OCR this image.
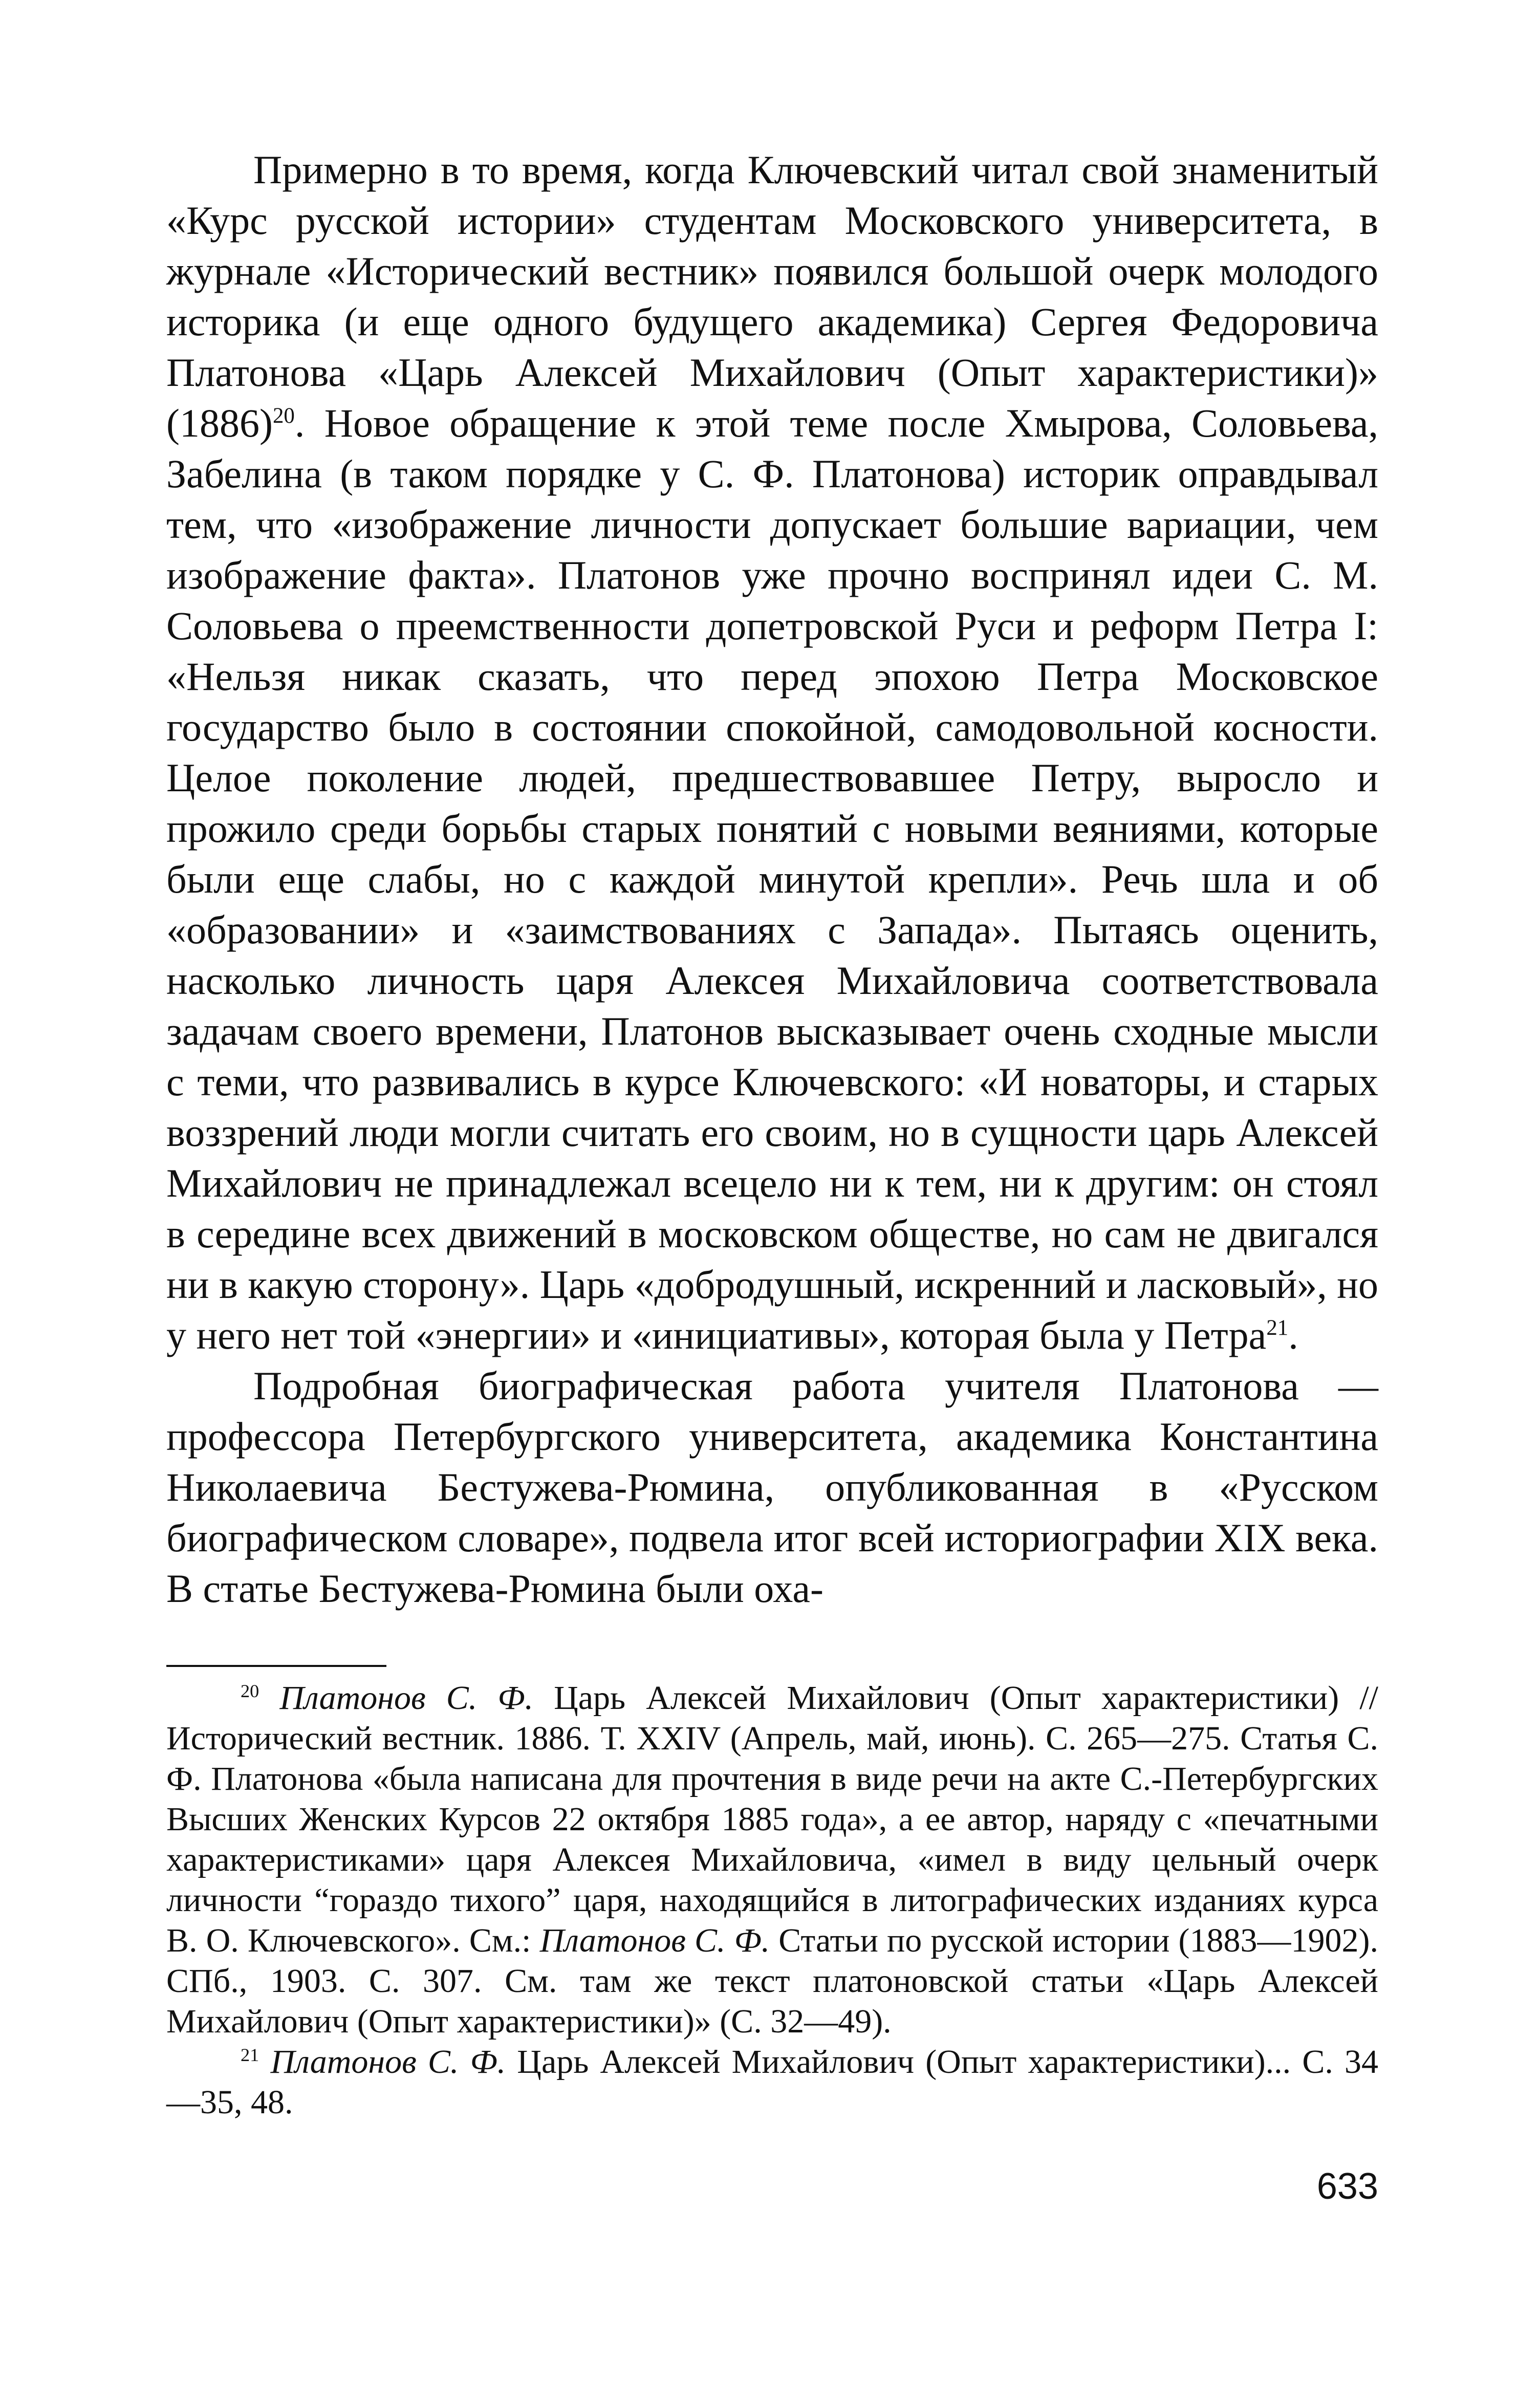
Примерно в то время, когда Ключевский читал свой знаменитый «Курс русской истории» студентам Московского университета, в журнале «Исторический вестник» появился большой очерк молодого историка (и еще одного будущего академика) Сергея Федоровича Платонова «Царь Алексей Михайлович (Опыт характеристики)» $(1886)^{20}$. Новое обращение к этой теме после Хмырова, Соловьева, Забелина (в таком порядке у С. Ф. Платонова) историк оправдывал тем, что «изображение личности допускает большие вариации, чем изображение факта». Платонов уже прочно воспринял идеи С. М. Соловьева о преемственности допетровской Руси и реформ Петра I: «Нельзя никак сказать, что перед эпохою Петра Московское государство было в состоянии спокойной, самодовольной косности. Целое поколение людей, предшествовавшее Петру, выросло и прожило среди борьбы старых понятий с новыми веяниями, которые были еще слабы, но с каждой минутой крепли». Речь шла и об «образовании» и «заимствованиях с Запада». Пытаясь оценить, насколько личность царя Алексея Михайловича соответствовала задачам своего времени, Платонов высказывает очень сходные мысли с теми, что развивались в курсе Ключевского: «И новаторы, и старых воззрений люди могли считать его своим, но в сущности царь Алексей Михайлович не принадлежал всецело ни к тем, ни к другим: он стоял в середине всех движений в московском обществе, но сам не двигался ни в какую сторону». Царь «добродушный, искренний и ласковый», но у него нет той «энергии» и «инициативы», которая была у Петра$^{21}$.

Подробная биографическая работа учителя Платонова — профессора Петербургского университета, академика Константина Николаевича Бестужева-Рюмина, опубликованная в «Русском биографическом словаре», подвела итог всей историографии XIX века. В статье Бестужева-Рюмина были оха-

$^{20}$ Платонов С. Ф. Царь Алексей Михайлович (Опыт характеристики) // Исторический вестник. 1886. Т. XXIV (Апрель, май, июнь). С. 265—275. Статья С. Ф. Платонова «была написана для прочтения в виде речи на акте С.-Петербургских Высших Женских Курсов 22 октября 1885 года», а ее автор, наряду с «печатными характеристиками» царя Алексея Михайловича, «имел в виду цельный очерк личности “гораздо тихого” царя, находящийся в литографических изданиях курса В. О. Ключевского». См.: Платонов С. Ф. Статьи по русской истории (1883—1902). СПб., 1903. С. 307. См. там же текст платоновской статьи «Царь Алексей Михайлович (Опыт характеристики)» (С. 32—49).

$^{21}$ Платонов С. Ф. Царь Алексей Михайлович (Опыт характеристики)... С. 34—35, 48.

633
